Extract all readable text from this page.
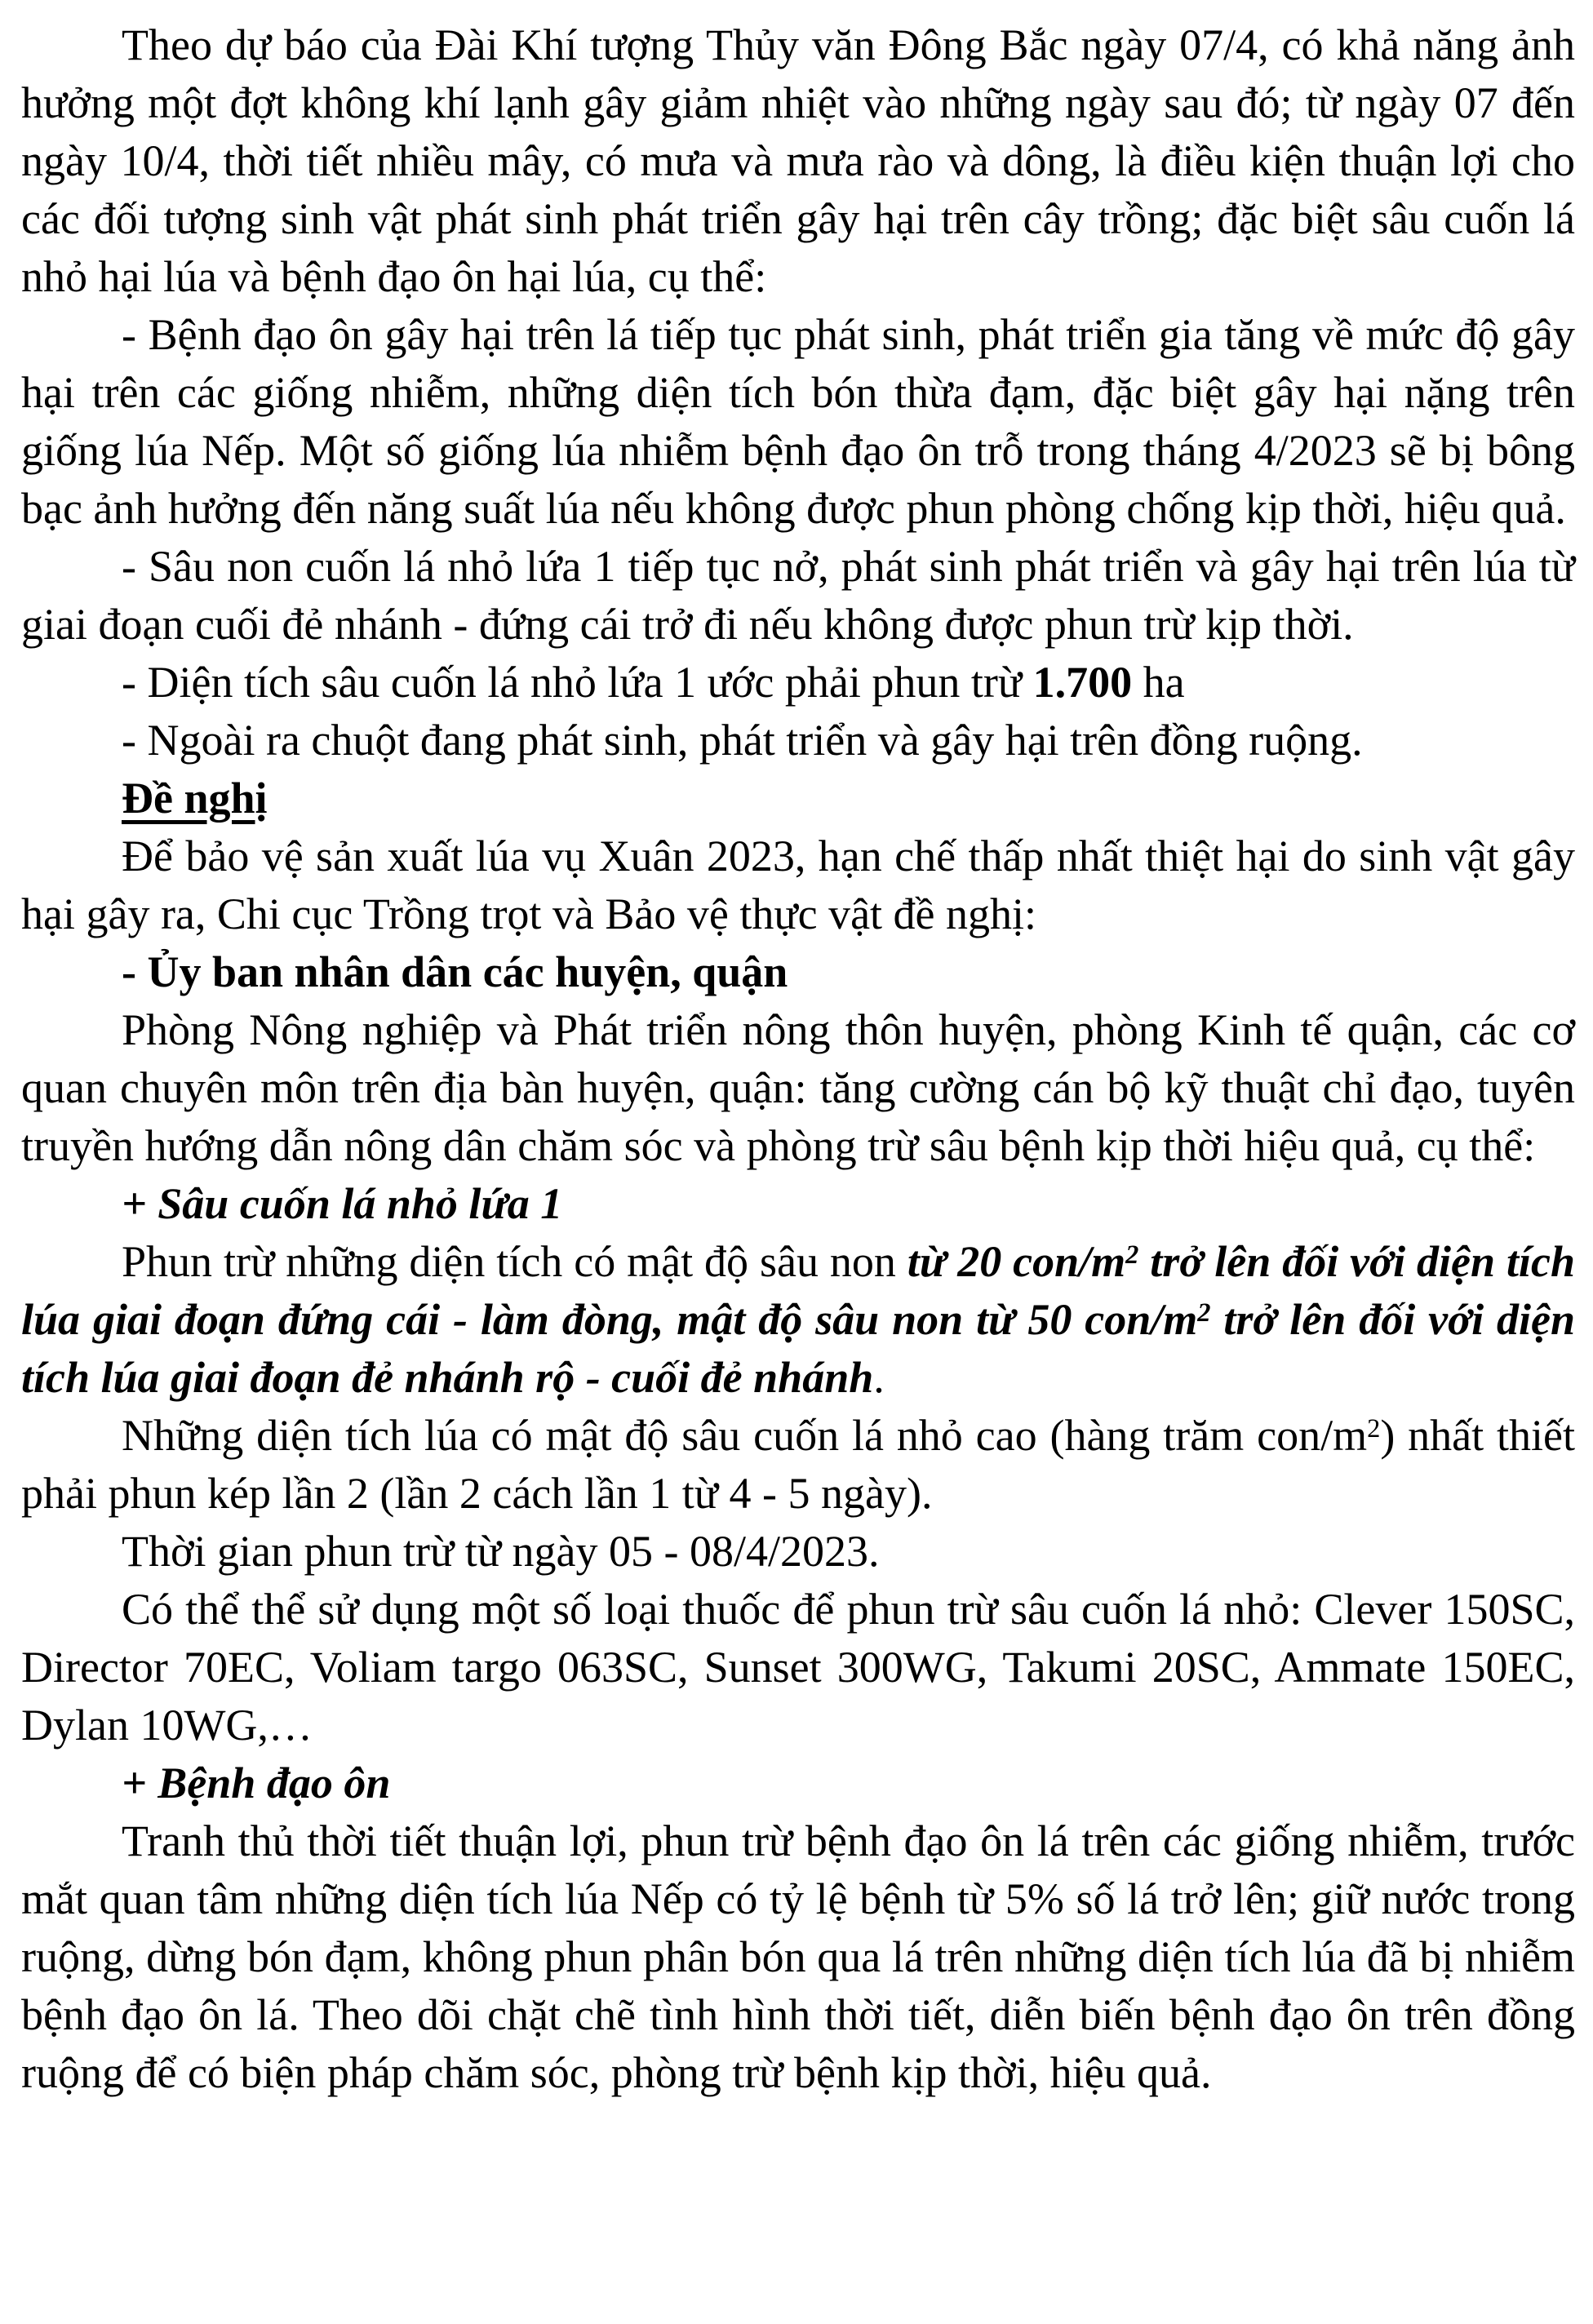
Theo dự báo của Đài Khí tượng Thủy văn Đông Bắc ngày 07/4, có khả năng ảnh hưởng một đợt không khí lạnh gây giảm nhiệt vào những ngày sau đó; từ ngày 07 đến ngày 10/4, thời tiết nhiều mây, có mưa và mưa rào và dông, là điều kiện thuận lợi cho các đối tượng sinh vật phát sinh phát triển gây hại trên cây trồng; đặc biệt sâu cuốn lá nhỏ hại lúa và bệnh đạo ôn hại lúa, cụ thể:

- Bệnh đạo ôn gây hại trên lá tiếp tục phát sinh, phát triển gia tăng về mức độ gây hại trên các giống nhiễm, những diện tích bón thừa đạm, đặc biệt gây hại nặng trên giống lúa Nếp. Một số giống lúa nhiễm bệnh đạo ôn trỗ trong tháng 4/2023 sẽ bị bông bạc ảnh hưởng đến năng suất lúa nếu không được phun phòng chống kịp thời, hiệu quả.

- Sâu non cuốn lá nhỏ lứa 1 tiếp tục nở, phát sinh phát triển và gây hại trên lúa từ giai đoạn cuối đẻ nhánh - đứng cái trở đi nếu không được phun trừ kịp thời.

- Diện tích sâu cuốn lá nhỏ lứa 1 ước phải phun trừ 1.700 ha

- Ngoài ra chuột đang phát sinh, phát triển và gây hại trên đồng ruộng.

Đề nghị

Để bảo vệ sản xuất lúa vụ Xuân 2023, hạn chế thấp nhất thiệt hại do sinh vật gây hại gây ra, Chi cục Trồng trọt và Bảo vệ thực vật đề nghị:

- Ủy ban nhân dân các huyện, quận

Phòng Nông nghiệp và Phát triển nông thôn huyện, phòng Kinh tế quận, các cơ quan chuyên môn trên địa bàn huyện, quận: tăng cường cán bộ kỹ thuật chỉ đạo, tuyên truyền hướng dẫn nông dân chăm sóc và phòng trừ sâu bệnh kịp thời hiệu quả, cụ thể:

+ Sâu cuốn lá nhỏ lứa 1

Phun trừ những diện tích có mật độ sâu non từ 20 con/$m^2$ trở lên đối với diện tích lúa giai đoạn đứng cái - làm đòng, mật độ sâu non từ 50 con/$m^2$ trở lên đối với diện tích lúa giai đoạn đẻ nhánh rộ - cuối đẻ nhánh.

Những diện tích lúa có mật độ sâu cuốn lá nhỏ cao (hàng trăm con/$m^2$) nhất thiết phải phun kép lần 2 (lần 2 cách lần 1 từ 4 - 5 ngày).

Thời gian phun trừ từ ngày 05 - 08/4/2023.

Có thể thể sử dụng một số loại thuốc để phun trừ sâu cuốn lá nhỏ: Clever 150SC, Director 70EC, Voliam targo 063SC, Sunset 300WG, Takumi 20SC, Ammate 150EC, Dylan 10WG,…

+ Bệnh đạo ôn

Tranh thủ thời tiết thuận lợi, phun trừ bệnh đạo ôn lá trên các giống nhiễm, trước mắt quan tâm những diện tích lúa Nếp có tỷ lệ bệnh từ 5% số lá trở lên; giữ nước trong ruộng, dừng bón đạm, không phun phân bón qua lá trên những diện tích lúa đã bị nhiễm bệnh đạo ôn lá. Theo dõi chặt chẽ tình hình thời tiết, diễn biến bệnh đạo ôn trên đồng ruộng để có biện pháp chăm sóc, phòng trừ bệnh kịp thời, hiệu quả.
